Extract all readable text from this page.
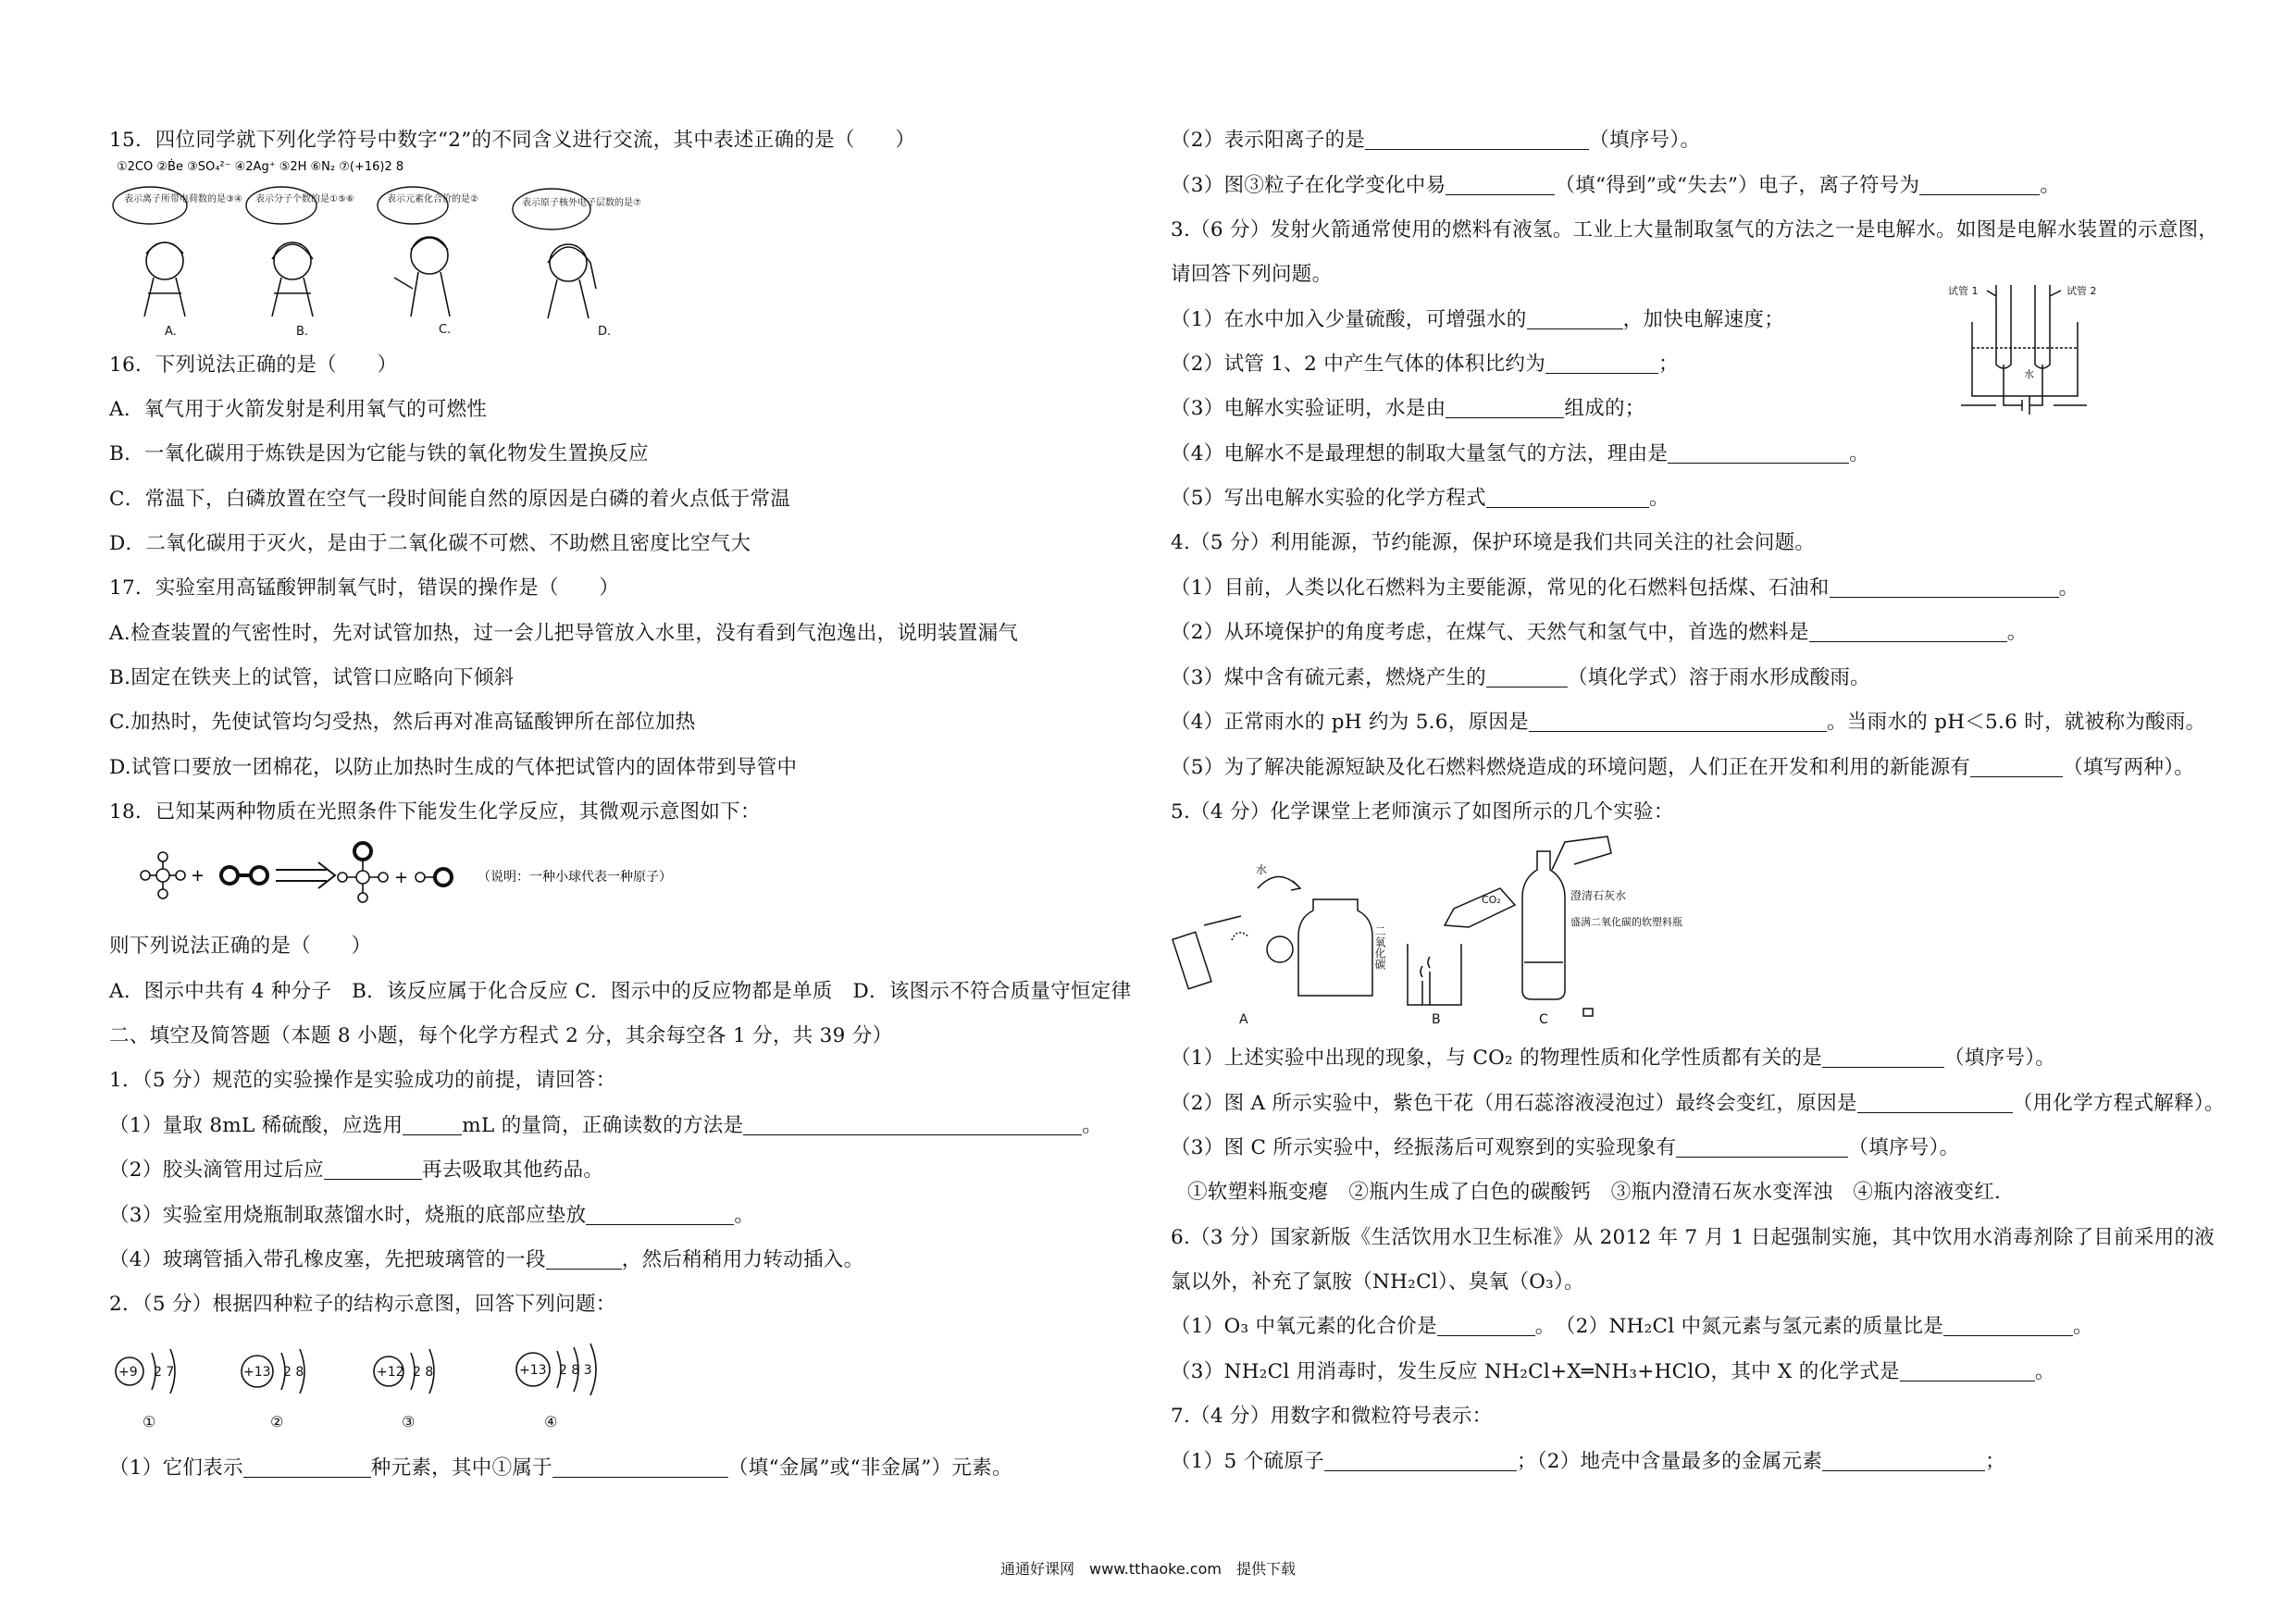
15．四位同学就下列化学符号中数字“2”的不同含义进行交流，其中表述正确的是（　　）
①2CO ②Ḃe ③SO₄²⁻ ④2Ag⁺ ⑤2H ⑥N₂ ⑦(+16)2 8
表示离子所带电荷数的是③④ 表示分子个数的是①⑤⑥	表示元素化合价的是②	表示原子核外电子层数的是⑦
A.	B.	C.	D.
16．下列说法正确的是（　　）
A．氧气用于火箭发射是利用氧气的可燃性
B．一氧化碳用于炼铁是因为它能与铁的氧化物发生置换反应
C．常温下，白磷放置在空气一段时间能自然的原因是白磷的着火点低于常温
D．二氧化碳用于灭火，是由于二氧化碳不可燃、不助燃且密度比空气大
17．实验室用高锰酸钾制氧气时，错误的操作是（　　）
A.检查装置的气密性时，先对试管加热，过一会儿把导管放入水里，没有看到气泡逸出，说明装置漏气
B.固定在铁夹上的试管，试管口应略向下倾斜
C.加热时，先使试管均匀受热，然后再对准高锰酸钾所在部位加热
D.试管口要放一团棉花，以防止加热时生成的气体把试管内的固体带到导管中
18．已知某两种物质在光照条件下能发生化学反应，其微观示意图如下：
+	+	（说明：一种小球代表一种原子）
则下列说法正确的是（　　）
A．图示中共有 4 种分子　B．该反应属于化合反应 C．图示中的反应物都是单质　D．该图示不符合质量守恒定律
二、填空及简答题（本题 8 小题，每个化学方程式 2 分，其余每空各 1 分，共 39 分）
1．（5 分）规范的实验操作是实验成功的前提，请回答：
（1）量取 8mL 稀硫酸，应选用	mL 的量筒，正确读数的方法是	。
（2）胶头滴管用过后应	再去吸取其他药品。
（3）实验室用烧瓶制取蒸馏水时，烧瓶的底部应垫放	。
（4）玻璃管插入带孔橡皮塞，先把玻璃管的一段	，然后稍稍用力转动插入。
2．（5 分）根据四种粒子的结构示意图，回答下列问题：
+9 2 7	+13 2 8	+12 2 8	+13 2 8 3
①	②	③	④
（1）它们表示	种元素，其中①属于	（填“金属”或“非金属”）元素。
（2）表示阳离子的是	（填序号）。
（3）图③粒子在化学变化中易	（填“得到”或“失去”）电子，离子符号为	。
3.（6 分）发射火箭通常使用的燃料有液氢。工业上大量制取氢气的方法之一是电解水。如图是电解水装置的示意图，
请回答下列问题。
（1）在水中加入少量硫酸，可增强水的	，加快电解速度；
（2）试管 1、2 中产生气体的体积比约为	；
（3）电解水实验证明，水是由	组成的；
（4）电解水不是最理想的制取大量氢气的方法，理由是	。
（5）写出电解水实验的化学方程式	。
试管 1	试管 2
水
4.（5 分）利用能源，节约能源，保护环境是我们共同关注的社会问题。
（1）目前，人类以化石燃料为主要能源，常见的化石燃料包括煤、石油和	。
（2）从环境保护的角度考虑，在煤气、天然气和氢气中，首选的燃料是	。
（3）煤中含有硫元素，燃烧产生的	（填化学式）溶于雨水形成酸雨。
（4）正常雨水的 pH 约为 5.6，原因是	。当雨水的 pH＜5.6 时，就被称为酸雨。
（5）为了解决能源短缺及化石燃料燃烧造成的环境问题，人们正在开发和利用的新能源有	（填写两种）。
5.（4 分）化学课堂上老师演示了如图所示的几个实验：
水
CO₂
二氧化碳
澄清石灰水
盛满二氧化碳的软塑料瓶
A	B	C
（1）上述实验中出现的现象，与 CO₂ 的物理性质和化学性质都有关的是	（填序号）。
（2）图 A 所示实验中，紫色干花（用石蕊溶液浸泡过）最终会变红，原因是	（用化学方程式解释）。
（3）图 C 所示实验中，经振荡后可观察到的实验现象有	（填序号）。
①软塑料瓶变瘪　②瓶内生成了白色的碳酸钙　③瓶内澄清石灰水变浑浊　④瓶内溶液变红.
6.（3 分）国家新版《生活饮用水卫生标准》从 2012 年 7 月 1 日起强制实施，其中饮用水消毒剂除了目前采用的液
氯以外，补充了氯胺（NH₂Cl）、臭氧（O₃）。
（1）O₃ 中氧元素的化合价是	。　（2）NH₂Cl 中氮元素与氢元素的质量比是	。
（3）NH₂Cl 用消毒时，发生反应 NH₂Cl+X═NH₃+HClO，其中 X 的化学式是	。
7.（4 分）用数字和微粒符号表示：
（1）5 个硫原子	；（2）地壳中含量最多的金属元素	；
通通好课网　www.tthaoke.com　提供下载
